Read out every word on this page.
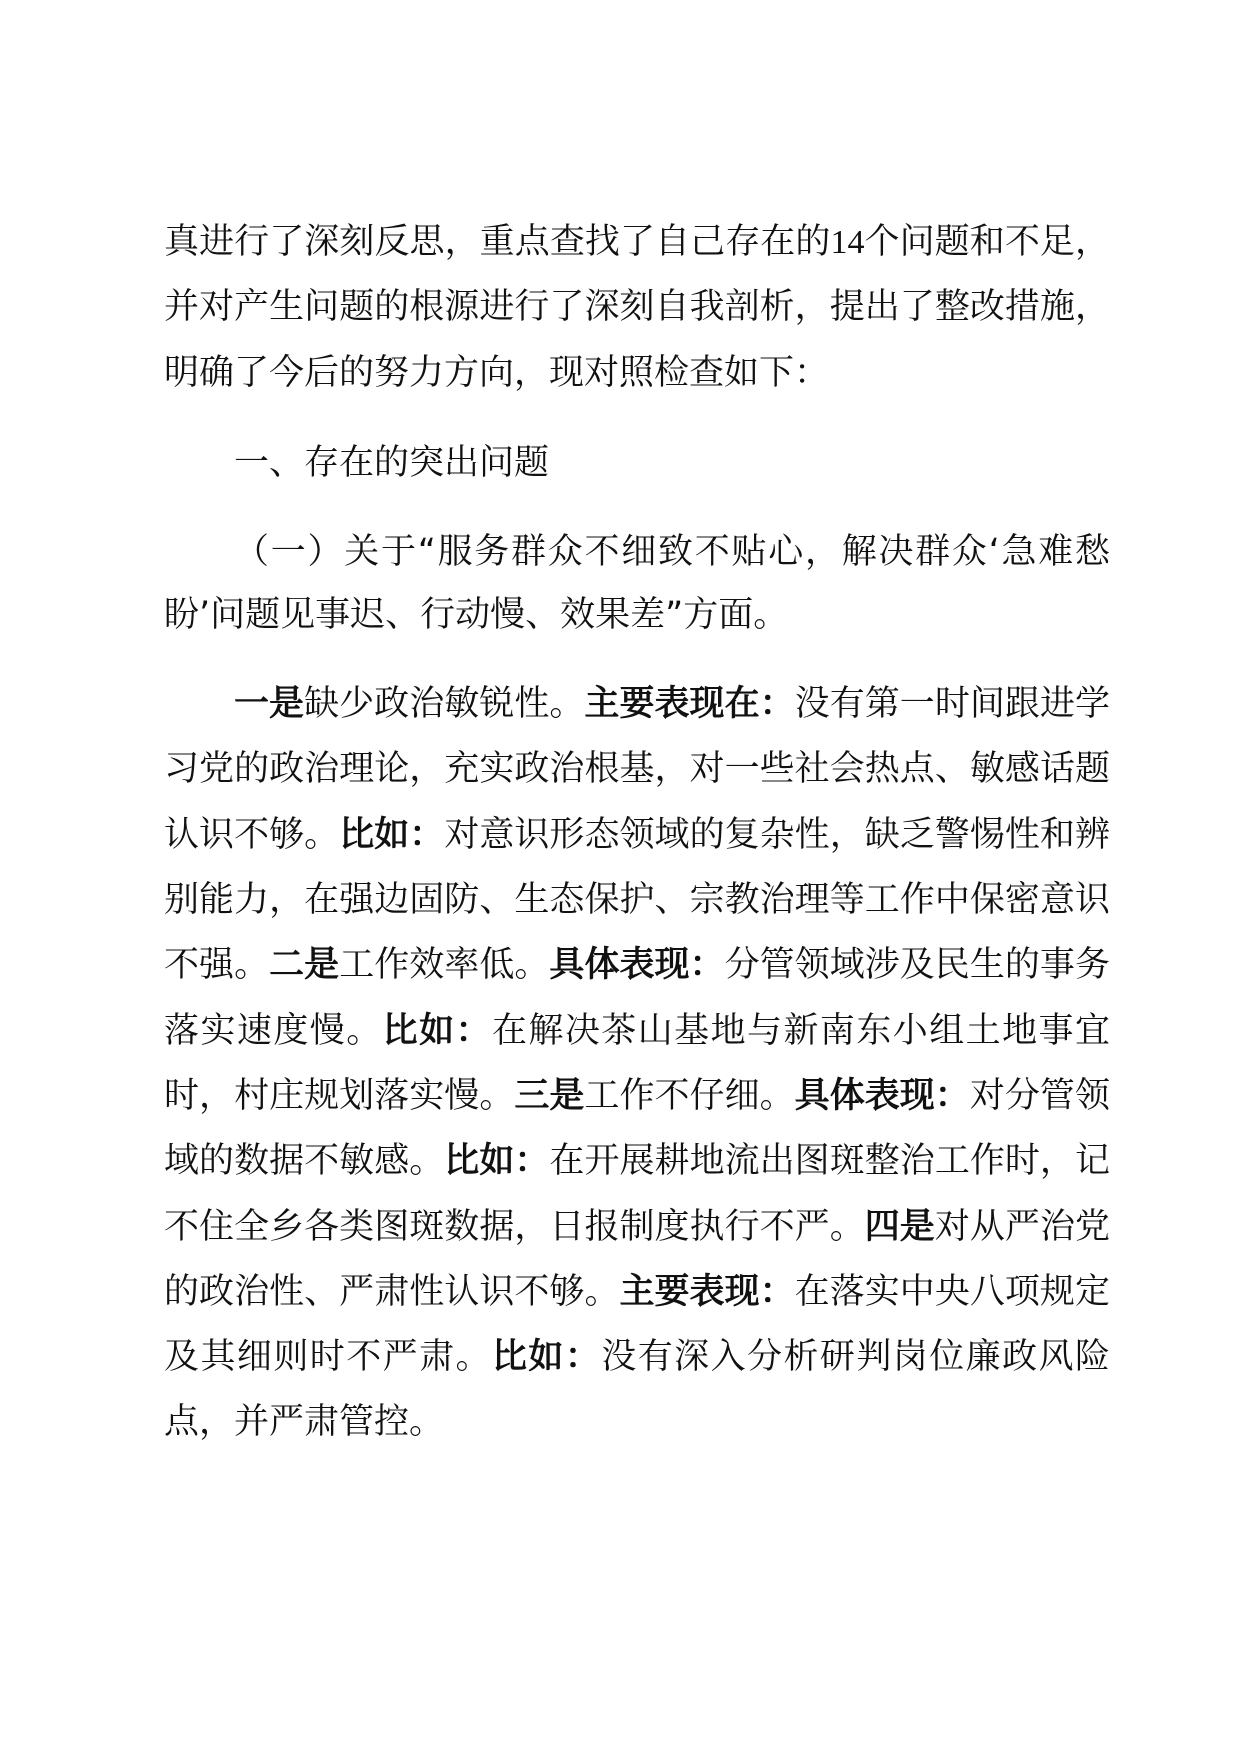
真进行了深刻反思，重点查找了自己存在的14个问题和不足，并对产生问题的根源进行了深刻自我剖析，提出了整改措施，明确了今后的努力方向，现对照检查如下：

一、存在的突出问题

（一）关于“服务群众不细致不贴心，解决群众‘急难愁盼’问题见事迟、行动慢、效果差”方面。

一是缺少政治敏锐性。主要表现在：没有第一时间跟进学习党的政治理论，充实政治根基，对一些社会热点、敏感话题认识不够。比如：对意识形态领域的复杂性，缺乏警惕性和辨别能力，在强边固防、生态保护、宗教治理等工作中保密意识不强。二是工作效率低。具体表现：分管领域涉及民生的事务落实速度慢。比如：在解决茶山基地与新南东小组土地事宜时，村庄规划落实慢。三是工作不仔细。具体表现：对分管领域的数据不敏感。比如：在开展耕地流出图斑整治工作时，记不住全乡各类图斑数据，日报制度执行不严。四是对从严治党的政治性、严肃性认识不够。主要表现：在落实中央八项规定及其细则时不严肃。比如：没有深入分析研判岗位廉政风险点，并严肃管控。
